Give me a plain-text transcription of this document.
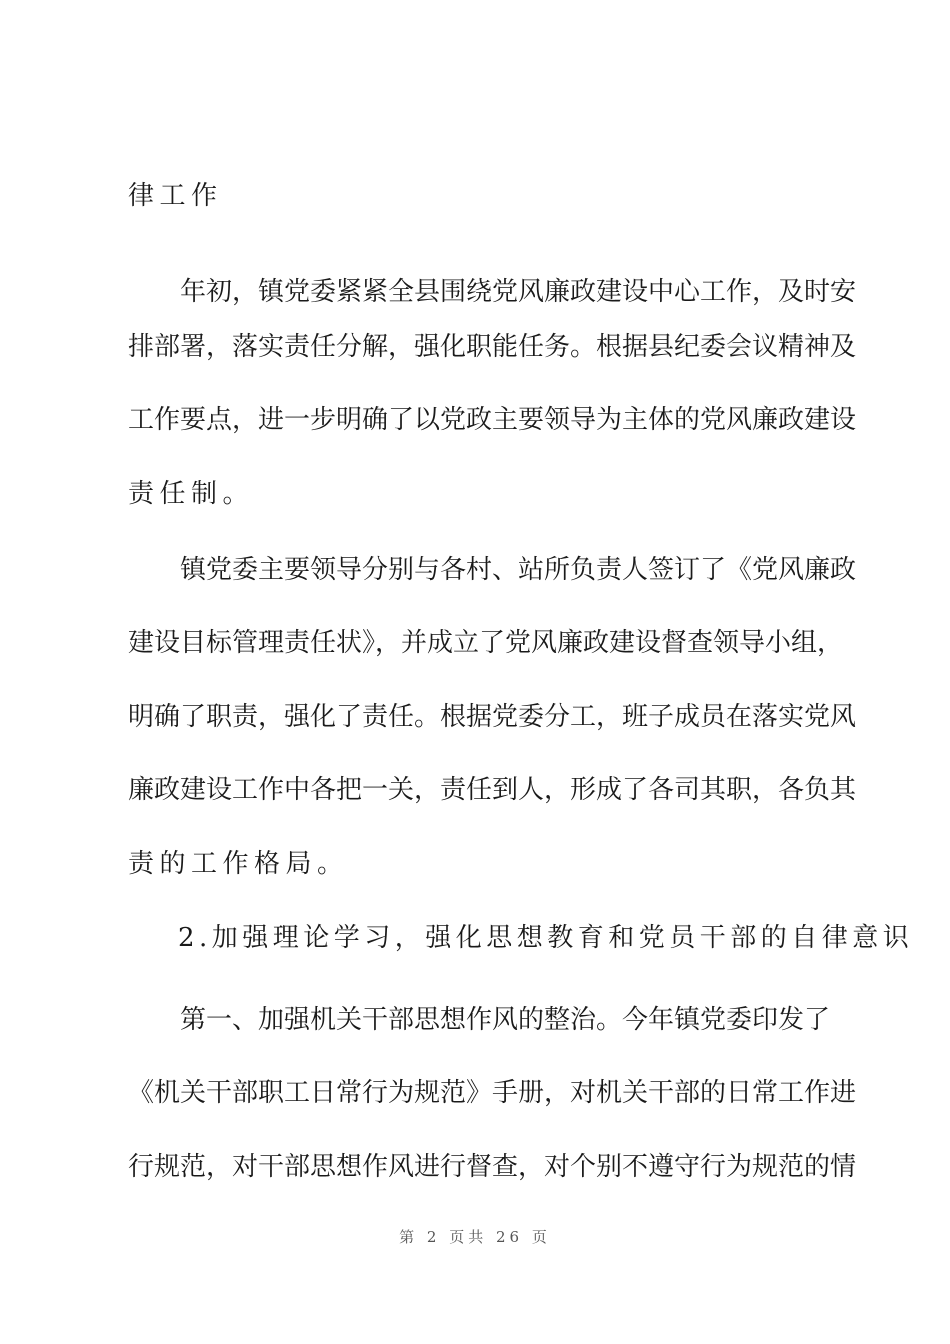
律工作
年初，镇党委紧紧全县围绕党风廉政建设中心工作，及时安
排部署，落实责任分解，强化职能任务。根据县纪委会议精神及
工作要点，进一步明确了以党政主要领导为主体的党风廉政建设
责任制。
镇党委主要领导分别与各村、站所负责人签订了《党风廉政
建设目标管理责任状》，并成立了党风廉政建设督查领导小组，
明确了职责，强化了责任。根据党委分工，班子成员在落实党风
廉政建设工作中各把一关，责任到人，形成了各司其职，各负其
责的工作格局。
2.加强理论学习，强化思想教育和党员干部的自律意识
第一、加强机关干部思想作风的整治。今年镇党委印发了
《机关干部职工日常行为规范》手册，对机关干部的日常工作进
行规范，对干部思想作风进行督查，对个别不遵守行为规范的情
第 2 页共 26 页
